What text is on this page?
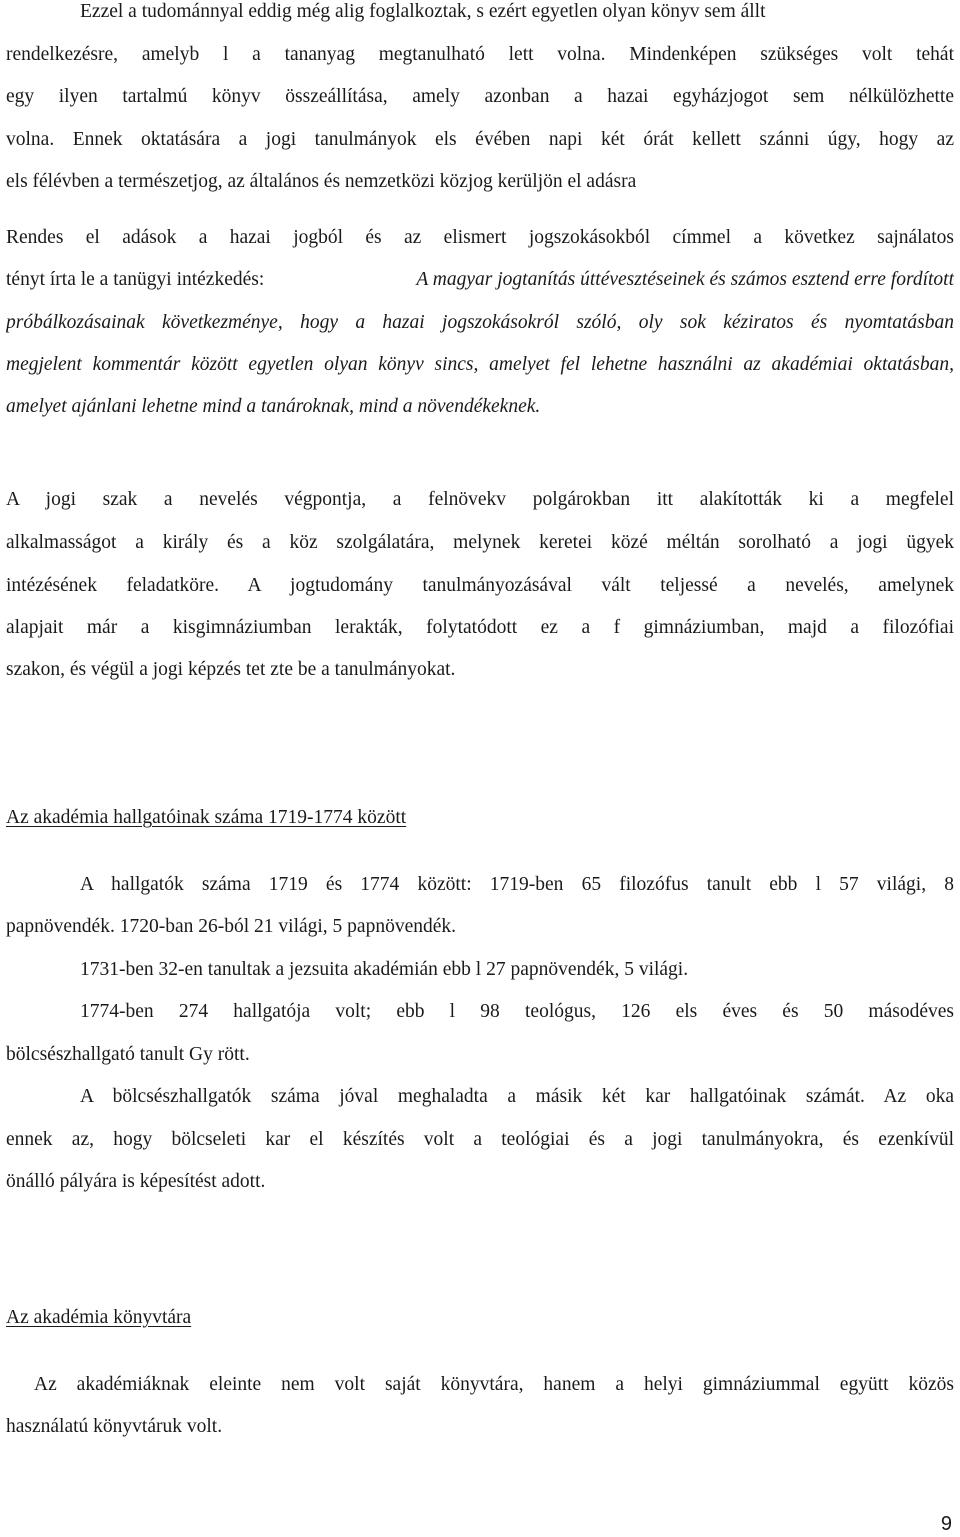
Ezzel a tudománnyal eddig még alig foglalkoztak, s ezért egyetlen olyan könyv sem állt
rendelkezésre, amelyb l a tananyag megtanulható lett volna. Mindenképen szükséges volt tehát
egy ilyen tartalmú könyv összeállítása, amely azonban a hazai egyházjogot sem nélkülözhette
volna. Ennek oktatására a jogi tanulmányok els évében napi két órát kellett szánni úgy, hogy az
els félévben a természetjog, az általános és nemzetközi közjog kerüljön el adásra
Rendes el adások a hazai jogból és az elismert jogszokásokból címmel a következ sajnálatos
tényt írta le a tanügyi intézkedés:	A magyar jogtanítás úttévesztéseinek és számos esztend erre fordított
próbálkozásainak következménye, hogy a hazai jogszokásokról szóló, oly sok kéziratos és nyomtatásban
megjelent kommentár között egyetlen olyan könyv sincs, amelyet fel lehetne használni az akadémiai oktatásban,
amelyet ajánlani lehetne mind a tanároknak, mind a növendékeknek.
A jogi szak a nevelés végpontja, a felnövekv polgárokban itt alakították ki a megfelel
alkalmasságot a király és a köz szolgálatára, melynek keretei közé méltán sorolható a jogi ügyek
intézésének feladatköre. A jogtudomány tanulmányozásával vált teljessé a nevelés, amelynek
alapjait már a kisgimnáziumban lerakták, folytatódott ez a f gimnáziumban, majd a filozófiai
szakon, és végül a jogi képzés tet zte be a tanulmányokat.
Az akadémia hallgatóinak száma 1719-1774 között
A hallgatók száma 1719 és 1774 között: 1719-ben 65 filozófus tanult ebb l 57 világi, 8
papnövendék. 1720-ban 26-ból 21 világi, 5 papnövendék.
1731-ben 32-en tanultak a jezsuita akadémián ebb l 27 papnövendék, 5 világi.
1774-ben 274 hallgatója volt; ebb l 98 teológus, 126 els éves és 50 másodéves
bölcsészhallgató tanult Gy rött.
A bölcsészhallgatók száma jóval meghaladta a másik két kar hallgatóinak számát. Az oka
ennek az, hogy bölcseleti kar el készítés volt a teológiai és a jogi tanulmányokra, és ezenkívül
önálló pályára is képesítést adott.
Az akadémia könyvtára
Az akadémiáknak eleinte nem volt saját könyvtára, hanem a helyi gimnáziummal együtt közös
használatú könyvtáruk volt.
9
